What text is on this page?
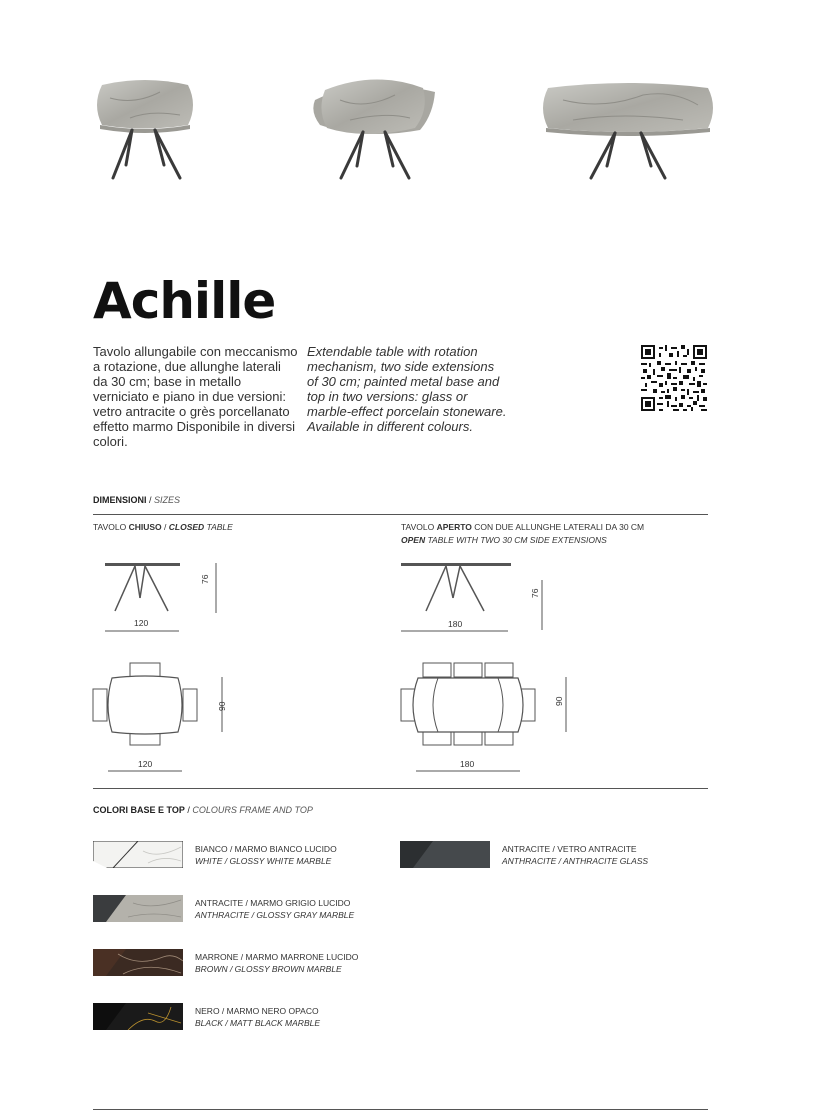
Achille
Tavolo allungabile con meccanismo a rotazione, due allunghe laterali da 30 cm; base in metallo verniciato e piano in due versioni: vetro antracite o grès porcellanato effetto marmo Disponibile in diversi colori.
Extendable table with rotation mechanism, two side extensions of 30 cm; painted metal base and top in two versions: glass or marble-effect porcelain stoneware. Available in different colours.
DIMENSIONI / SIZES
TAVOLO CHIUSO / CLOSED TABLE	TAVOLO APERTO CON DUE ALLUNGHE LATERALI DA 30 CM
OPEN TABLE WITH TWO 30 CM SIDE EXTENSIONS
76
120
76
180
90
120
90
180
COLORI BASE E TOP / COLOURS FRAME AND TOP
BIANCO / MARMO BIANCO LUCIDO
WHITE / GLOSSY WHITE MARBLE
ANTRACITE / MARMO GRIGIO LUCIDO
ANTHRACITE / GLOSSY GRAY MARBLE
MARRONE / MARMO MARRONE LUCIDO
BROWN / GLOSSY BROWN MARBLE
NERO / MARMO NERO OPACO
BLACK / MATT BLACK MARBLE
ANTRACITE / VETRO ANTRACITE
ANTHRACITE / ANTHRACITE GLASS
